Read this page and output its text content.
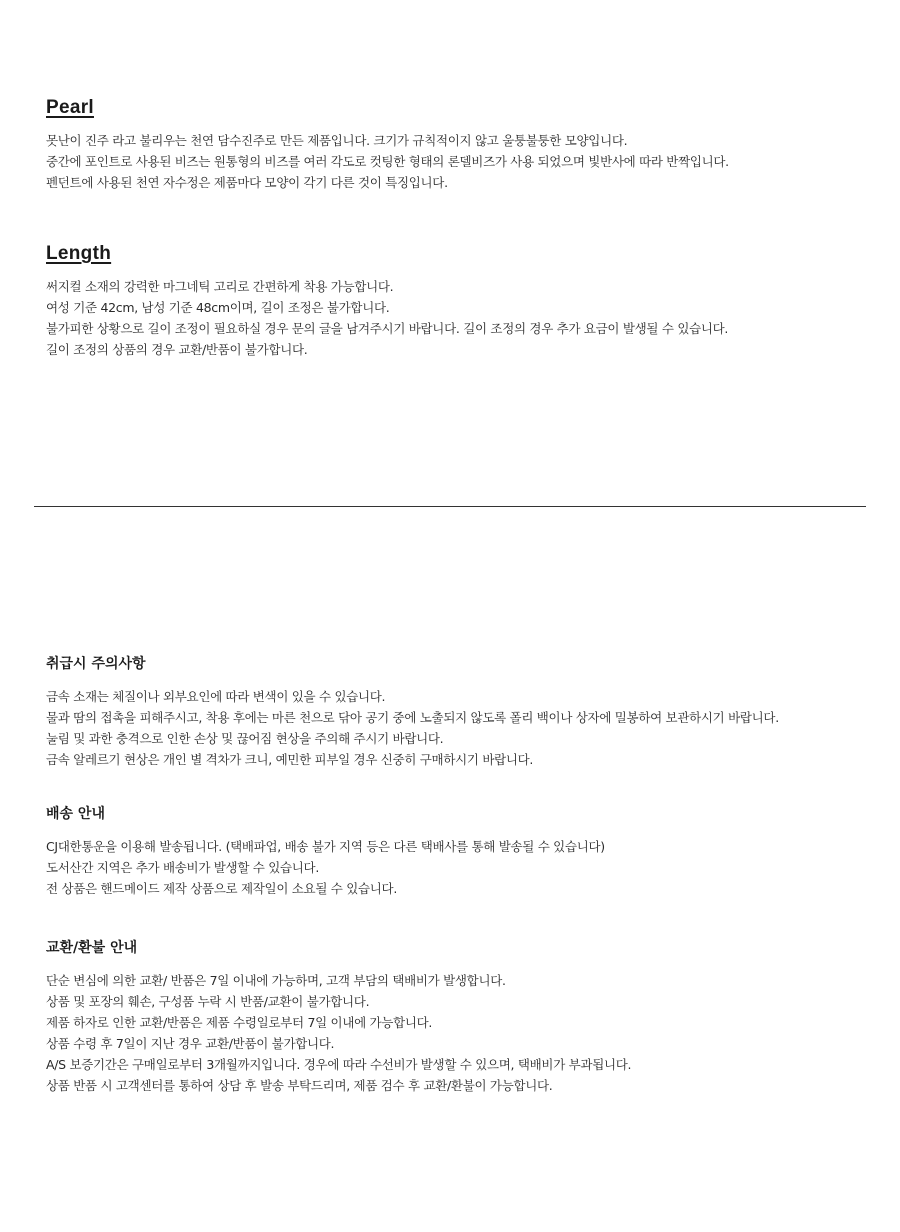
Pearl
못난이 진주 라고 불리우는 천연 담수진주로 만든 제품입니다. 크기가 규칙적이지 않고 울퉁불퉁한 모양입니다.
중간에 포인트로 사용된 비즈는 원통형의 비즈를 여러 각도로 컷팅한 형태의 론델비즈가 사용 되었으며 빛반사에 따라 반짝입니다.
펜던트에 사용된 천연 자수정은 제품마다 모양이 각기 다른 것이 특징입니다.
Length
써지컬 소재의 강력한 마그네틱 고리로 간편하게 착용 가능합니다.
여성 기준 42cm, 남성 기준 48cm이며, 길이 조정은 불가합니다.
불가피한 상황으로 길이 조정이 필요하실 경우 문의 글을 남겨주시기 바랍니다. 길이 조정의 경우 추가 요금이 발생될 수 있습니다.
길이 조정의 상품의 경우 교환/반품이 불가합니다.
취급시 주의사항
금속 소재는 체질이나 외부요인에 따라 변색이 있을 수 있습니다.
물과 땀의 접촉을 피해주시고, 착용 후에는 마른 천으로 닦아 공기 중에 노출되지 않도록 폴리 백이나 상자에 밀봉하여 보관하시기 바랍니다.
눌림 및 과한 충격으로 인한 손상 및 끊어짐 현상을 주의해 주시기 바랍니다.
금속 알레르기 현상은 개인 별 격차가 크니, 예민한 피부일 경우 신중히 구매하시기 바랍니다.
배송 안내
CJ대한통운을 이용해 발송됩니다. (택배파업, 배송 불가 지역 등은 다른 택배사를 통해 발송될 수 있습니다)
도서산간 지역은 추가 배송비가 발생할 수 있습니다.
전 상품은 핸드메이드 제작 상품으로 제작일이 소요될 수 있습니다.
교환/환불 안내
단순 변심에 의한 교환/ 반품은 7일 이내에 가능하며, 고객 부담의 택배비가 발생합니다.
상품 및 포장의 훼손, 구성품 누락 시 반품/교환이 불가합니다.
제품 하자로 인한 교환/반품은 제품 수령일로부터 7일 이내에 가능합니다.
상품 수령 후 7일이 지난 경우 교환/반품이 불가합니다.
A/S 보증기간은 구매일로부터 3개월까지입니다. 경우에 따라 수선비가 발생할 수 있으며, 택배비가 부과됩니다.
상품 반품 시 고객센터를 통하여 상담 후 발송 부탁드리며, 제품 검수 후 교환/환불이 가능합니다.
